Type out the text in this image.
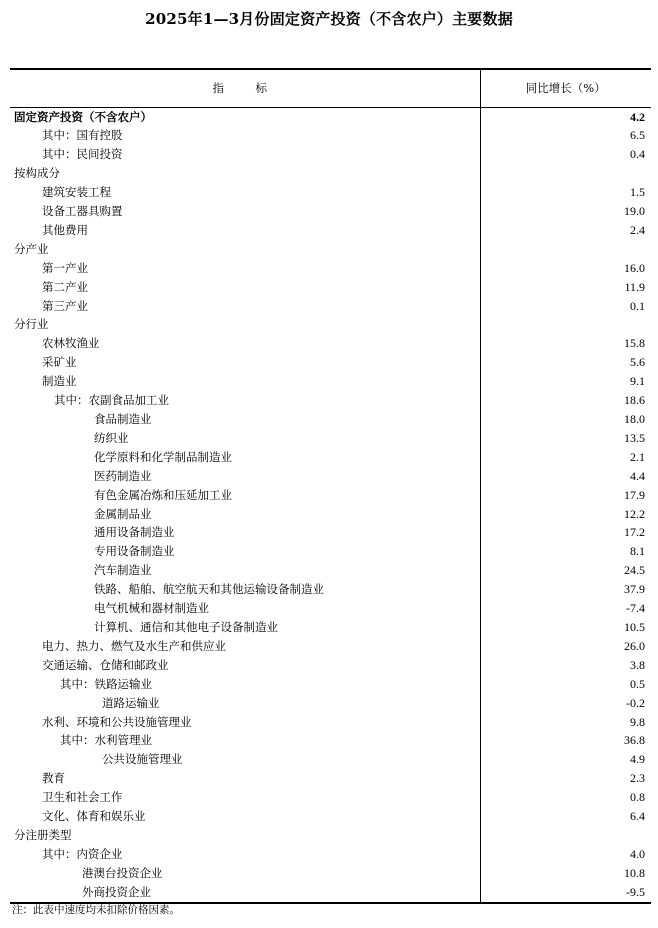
2025年1—3月份固定资产投资（不含农户）主要数据
指　标	同比增长（%）
固定资产投资（不含农户）	4.2
其中：国有控股	6.5
其中：民间投资	0.4
按构成分	
建筑安装工程	1.5
设备工器具购置	19.0
其他费用	2.4
分产业	
第一产业	16.0
第二产业	11.9
第三产业	0.1
分行业	
农林牧渔业	15.8
采矿业	5.6
制造业	9.1
其中：农副食品加工业	18.6
食品制造业	18.0
纺织业	13.5
化学原料和化学制品制造业	2.1
医药制造业	4.4
有色金属冶炼和压延加工业	17.9
金属制品业	12.2
通用设备制造业	17.2
专用设备制造业	8.1
汽车制造业	24.5
铁路、船舶、航空航天和其他运输设备制造业	37.9
电气机械和器材制造业	-7.4
计算机、通信和其他电子设备制造业	10.5
电力、热力、燃气及水生产和供应业	26.0
交通运输、仓储和邮政业	3.8
其中：铁路运输业	0.5
道路运输业	-0.2
水利、环境和公共设施管理业	9.8
其中：水利管理业	36.8
公共设施管理业	4.9
教育	2.3
卫生和社会工作	0.8
文化、体育和娱乐业	6.4
分注册类型	
其中：内资企业	4.0
港澳台投资企业	10.8
外商投资企业	-9.5
注：此表中速度均未扣除价格因素。
